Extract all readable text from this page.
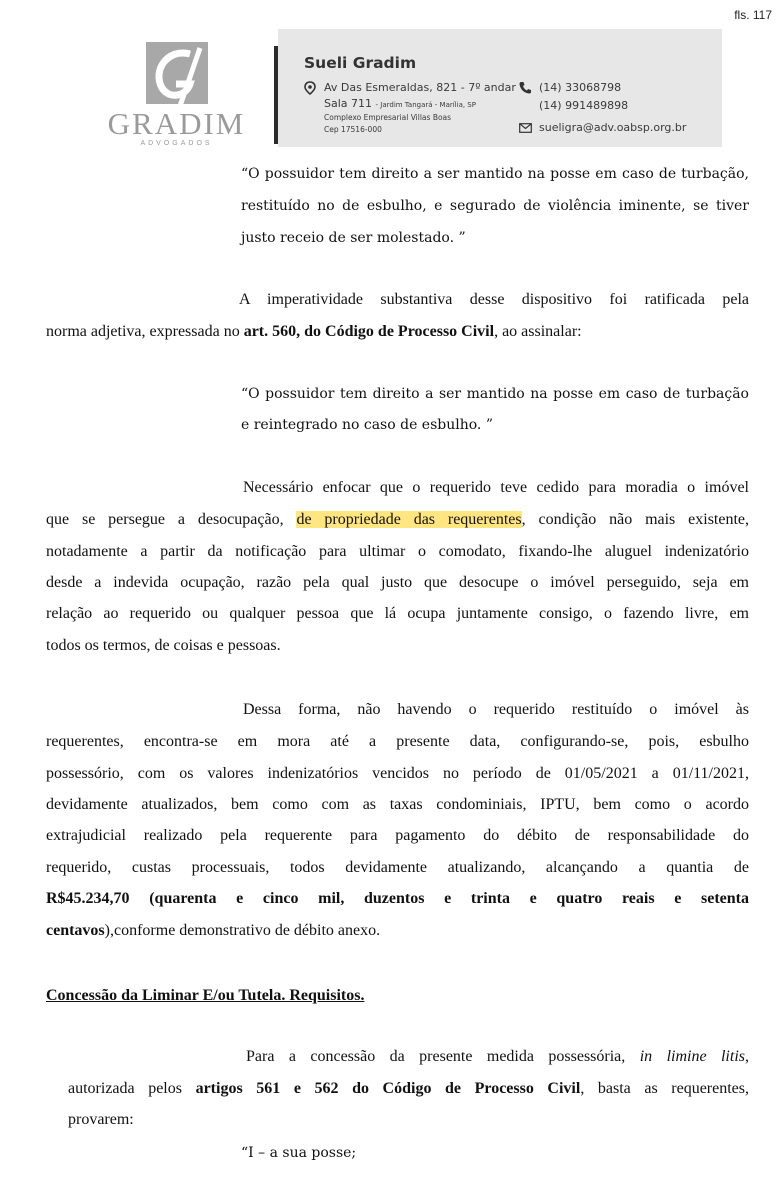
fls. 117
GRADIM
ADVOGADOS
Sueli Gradim
Av Das Esmeraldas, 821 - 7º andar
Sala 711 - Jardim Tangará - Marília, SP
Complexo Empresarial Villas Boas
Cep 17516-000
(14) 33068798
(14) 991489898
sueligra@adv.oabsp.org.br
“O possuidor tem direito a ser mantido na posse em caso de turbação,
restituído no de esbulho, e segurado de violência iminente, se tiver
justo receio de ser molestado. ”
A imperatividade substantiva desse dispositivo foi ratificada pela
norma adjetiva, expressada no art. 560, do Código de Processo Civil, ao assinalar:
“O possuidor tem direito a ser mantido na posse em caso de turbação
e reintegrado no caso de esbulho. ”
Necessário enfocar que o requerido teve cedido para moradia o imóvel
que se persegue a desocupação, de propriedade das requerentes, condição não mais existente,
notadamente a partir da notificação para ultimar o comodato, fixando-lhe aluguel indenizatório
desde a indevida ocupação, razão pela qual justo que desocupe o imóvel perseguido, seja em
relação ao requerido ou qualquer pessoa que lá ocupa juntamente consigo, o fazendo livre, em
todos os termos, de coisas e pessoas.
Dessa forma, não havendo o requerido restituído o imóvel às
requerentes, encontra-se em mora até a presente data, configurando-se, pois, esbulho
possessório, com os valores indenizatórios vencidos no período de 01/05/2021 a 01/11/2021,
devidamente atualizados, bem como com as taxas condominiais, IPTU, bem como o acordo
extrajudicial realizado pela requerente para pagamento do débito de responsabilidade do
requerido, custas processuais, todos devidamente atualizando, alcançando a quantia de
R$45.234,70 (quarenta e cinco mil, duzentos e trinta e quatro reais e setenta
centavos),conforme demonstrativo de débito anexo.
Concessão da Liminar E/ou Tutela. Requisitos.
Para a concessão da presente medida possessória, in limine litis,
autorizada pelos artigos 561 e 562 do Código de Processo Civil, basta as requerentes,
provarem:
“I – a sua posse;
